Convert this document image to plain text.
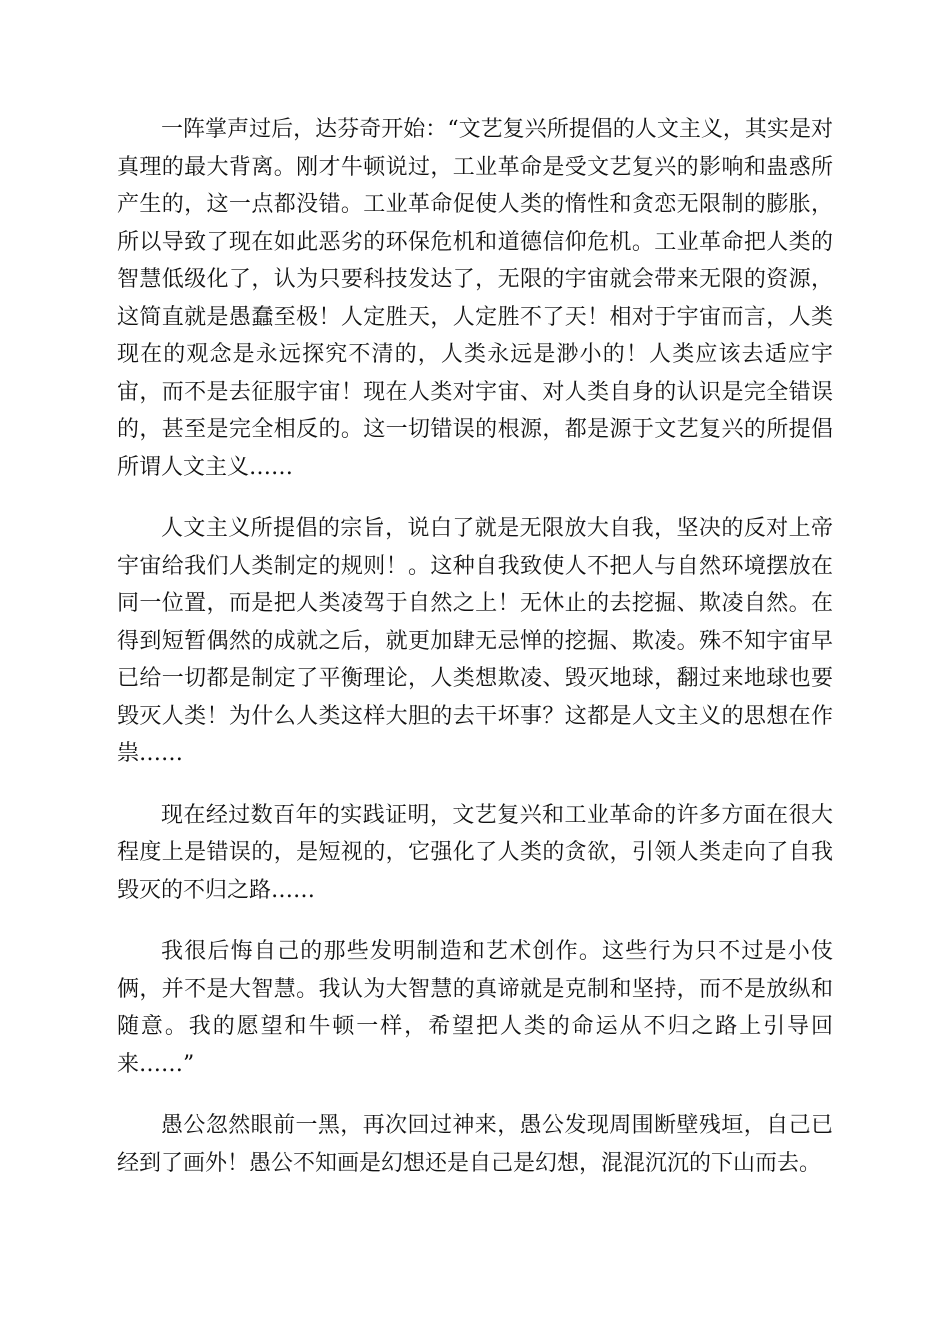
一阵掌声过后，达芬奇开始：“文艺复兴所提倡的人文主义，其实是对真理的最大背离。刚才牛顿说过，工业革命是受文艺复兴的影响和蛊惑所产生的，这一点都没错。工业革命促使人类的惰性和贪恋无限制的膨胀，所以导致了现在如此恶劣的环保危机和道德信仰危机。工业革命把人类的智慧低级化了，认为只要科技发达了，无限的宇宙就会带来无限的资源，这简直就是愚蠢至极！人定胜天，人定胜不了天！相对于宇宙而言，人类现在的观念是永远探究不清的，人类永远是渺小的！人类应该去适应宇宙，而不是去征服宇宙！现在人类对宇宙、对人类自身的认识是完全错误的，甚至是完全相反的。这一切错误的根源，都是源于文艺复兴的所提倡所谓人文主义……

人文主义所提倡的宗旨，说白了就是无限放大自我，坚决的反对上帝宇宙给我们人类制定的规则！。这种自我致使人不把人与自然环境摆放在同一位置，而是把人类凌驾于自然之上！无休止的去挖掘、欺凌自然。在得到短暂偶然的成就之后，就更加肆无忌惮的挖掘、欺凌。殊不知宇宙早已给一切都是制定了平衡理论，人类想欺凌、毁灭地球，翻过来地球也要毁灭人类！为什么人类这样大胆的去干坏事？这都是人文主义的思想在作祟……

现在经过数百年的实践证明，文艺复兴和工业革命的许多方面在很大程度上是错误的，是短视的，它强化了人类的贪欲，引领人类走向了自我毁灭的不归之路……

我很后悔自己的那些发明制造和艺术创作。这些行为只不过是小伎俩，并不是大智慧。我认为大智慧的真谛就是克制和坚持，而不是放纵和随意。我的愿望和牛顿一样，希望把人类的命运从不归之路上引导回来……”

愚公忽然眼前一黑，再次回过神来，愚公发现周围断壁残垣，自己已经到了画外！愚公不知画是幻想还是自己是幻想，混混沉沉的下山而去。
